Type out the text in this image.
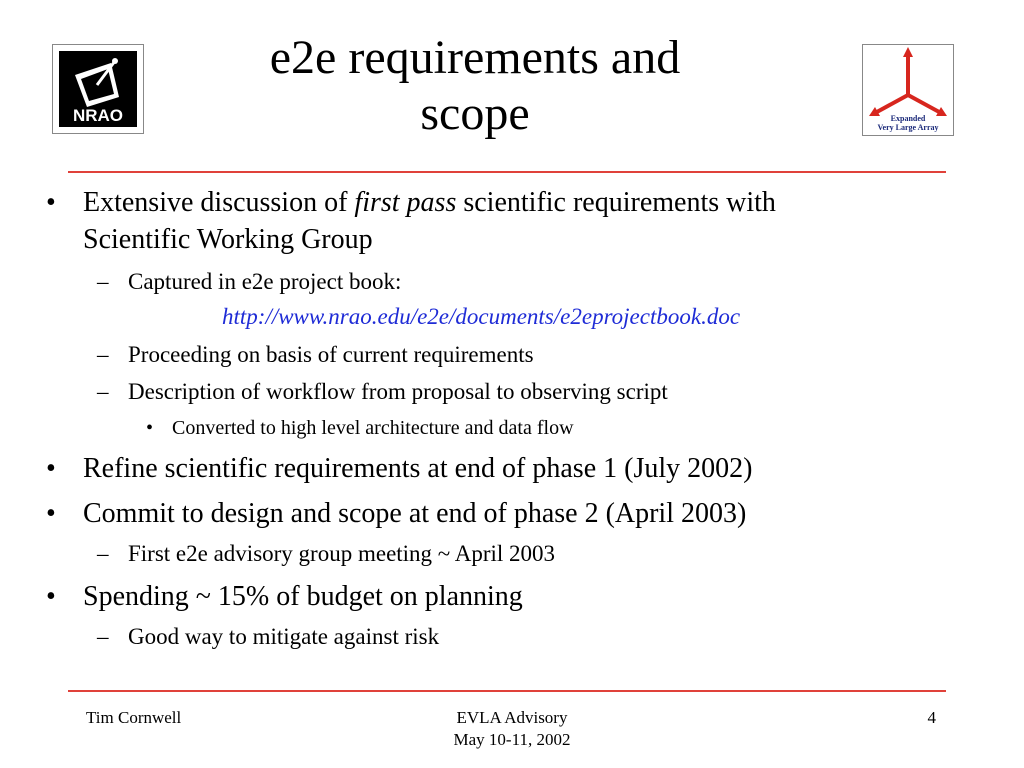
NRAO	Expanded
Very Large Array
e2e requirements and
scope
• Extensive discussion of first pass scientific requirements with
Scientific Working Group
– Captured in e2e project book:
http://www.nrao.edu/e2e/documents/e2eprojectbook.doc
– Proceeding on basis of current requirements
– Description of workflow from proposal to observing script
• Converted to high level architecture and data flow
• Refine scientific requirements at end of phase 1 (July 2002)
• Commit to design and scope at end of phase 2 (April 2003)
– First e2e advisory group meeting ~ April 2003
• Spending ~ 15% of budget on planning
– Good way to mitigate against risk
Tim Cornwell	EVLA Advisory
May 10-11, 2002
4
